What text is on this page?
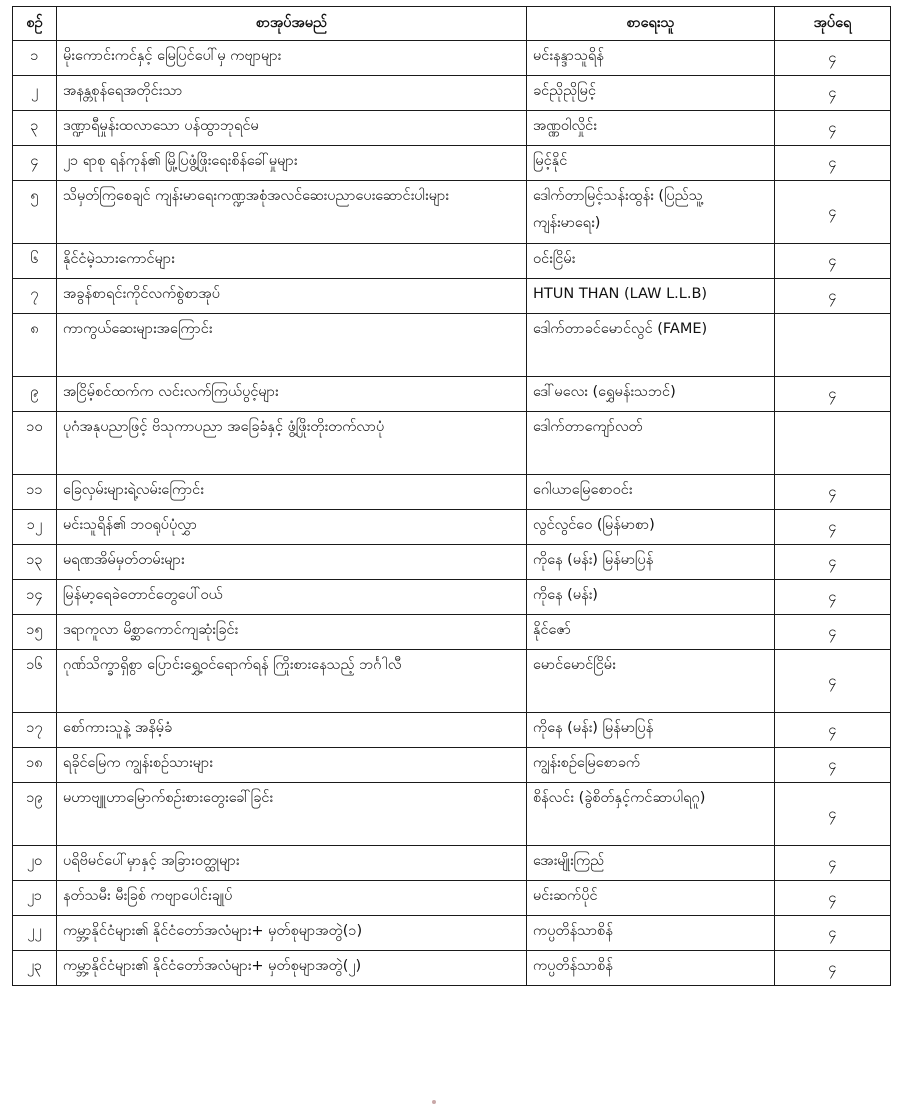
စဉ်	စာအုပ်အမည်	စာရေးသူ	အုပ်ရေ
၁	မိုးကောင်းကင်နှင့် မြေပြင်ပေါ်မှ ကဗျာများ	မင်းနန္ဒာသူရိန်	၄
၂	အနန္တစုန်ရေအတိုင်းသာ	ခင်ညိုညိုမြင့်	၄
၃	ဒဏ္ဍာရီမှုန်းထလာသော ပန်ထွာဘုရင်မ	အဏ္ဏဝါလှိုင်း	၄
၄	၂၁ ရာစု ရန်ကုန်၏ မြို့ပြဖွံ့ဖြိုးရေးစိန်ခေါ်မှုများ	မြင့်နိုင်	၄
၅	သိမှတ်ကြစေချင် ကျန်းမာရေးကဏ္ဍအစုံအလင်ဆေးပညာပေးဆောင်းပါးများ	ဒေါက်တာမြင့်သန်းထွန်း (ပြည်သူ့ကျန်းမာရေး)	၄
၆	နိုင်ငံမဲ့သားကောင်များ	ဝင်းငြိမ်း	၄
၇	အခွန်စာရင်းကိုင်လက်စွဲစာအုပ်	HTUN THAN (LAW L.L.B)	၄
၈	ကာကွယ်ဆေးများအကြောင်း	ဒေါက်တာခင်မောင်လွင် (FAME)	
၉	အငြိမ့်စင်ထက်က လင်းလက်ကြယ်ပွင့်များ	ဒေါ်မလေး (ရွှေမန်းသဘင်)	၄
၁၀	ပုဂံအနုပညာဖြင့် ဗိသုကာပညာ အခြေခံနှင့် ဖွံ့ဖြိုးတိုးတက်လာပုံ	ဒေါက်တာကျော်လတ်	
၁၁	ခြေလှမ်းများရဲ့လမ်းကြောင်း	ဂေါယာမြေစောဝင်း	၄
၁၂	မင်းသူရိန်၏ ဘဝရုပ်ပုံလွှာ	လွင်လွင်ဝေ (မြန်မာစာ)	၄
၁၃	မရဏအိမ်မှတ်တမ်းများ	ကိုနေ (မန်း) မြန်မာပြန်	၄
၁၄	မြန်မာ့ရေခဲတောင်တွေပေါ်ဝယ်	ကိုနေ (မန်း)	၄
၁၅	ဒရာကူလာ မိစ္ဆာကောင်ကျဆုံးခြင်း	နိုင်ဇော်	၄
၁၆	ဂုဏ်သိက္ခာရှိစွာ ပြောင်းရွှေ့ဝင်ရောက်ရန် ကြိုးစားနေသည့် ဘင်္ဂါလီ	မောင်မောင်ငြိမ်း	၄
၁၇	စော်ကားသူနဲ့ အနိမ့်ခံ	ကိုနေ (မန်း) မြန်မာပြန်	၄
၁၈	ရခိုင်မြေက ကျွန်းစဉ်သားများ	ကျွန်းစဉ်မြေစောခက်	၄
၁၉	မဟာဗျူဟာမြောက်စဉ်းစားတွေးခေါ်ခြင်း	စိန်လင်း (ခွဲစိတ်နှင့်ကင်ဆာပါရဂူ)	၄
၂၀	ပရိဗိမင်ပေါ်မှာနှင့် အခြားဝတ္ထုများ	အေးမျိုးကြည်	၄
၂၁	နတ်သမီး မီးခြစ် ကဗျာပေါင်းချုပ်	မင်းဆက်ပိုင်	၄
၂၂	ကမ္ဘာ့နိုင်ငံများ၏ နိုင်ငံတော်အလံများ+ မှတ်စုမျာအတွဲ(၁)	ကပ္ပတိန်သာစိန်	၄
၂၃	ကမ္ဘာ့နိုင်ငံများ၏ နိုင်ငံတော်အလံများ+ မှတ်စုမျာအတွဲ(၂)	ကပ္ပတိန်သာစိန်	၄
